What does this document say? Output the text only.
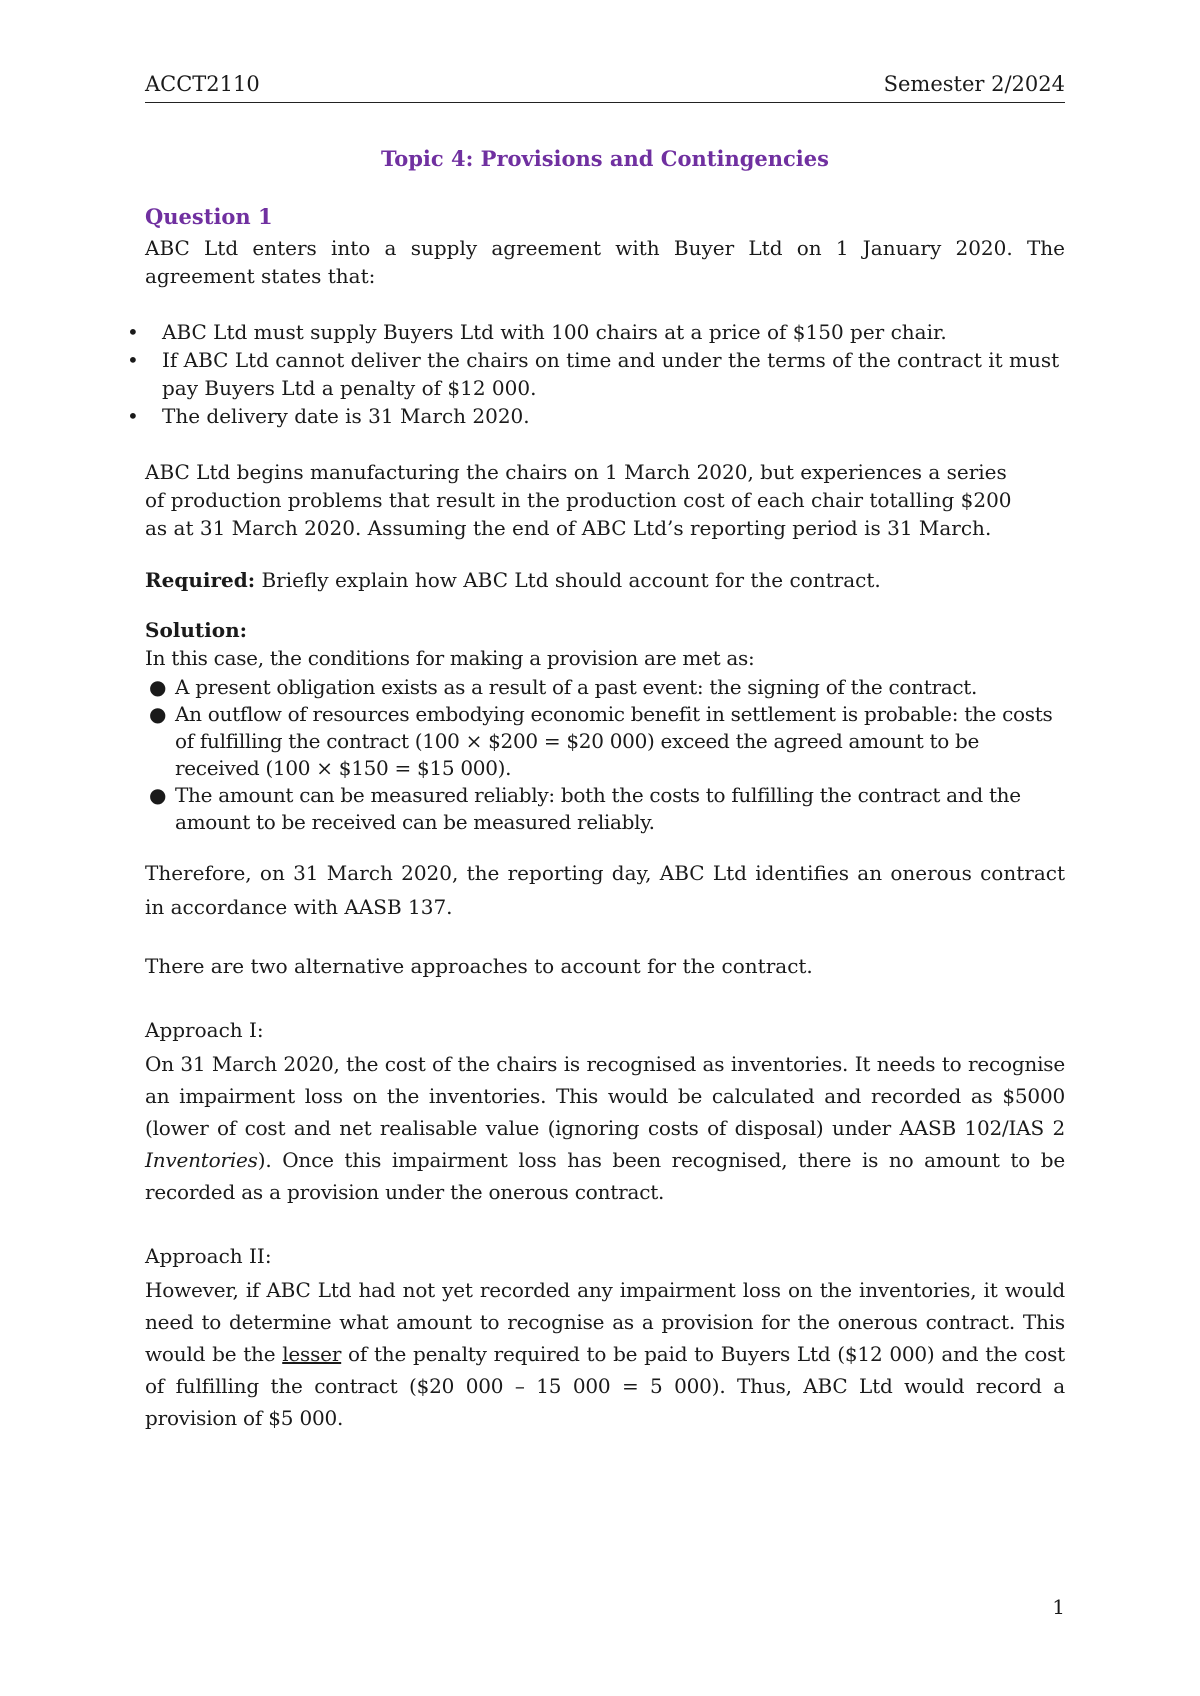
ACCT2110	Semester 2/2024
Topic 4: Provisions and Contingencies
Question 1
ABC Ltd enters into a supply agreement with Buyer Ltd on 1 January 2020. The agreement states that:
• ABC Ltd must supply Buyers Ltd with 100 chairs at a price of $150 per chair.
• If ABC Ltd cannot deliver the chairs on time and under the terms of the contract it must pay Buyers Ltd a penalty of $12 000.
• The delivery date is 31 March 2020.
ABC Ltd begins manufacturing the chairs on 1 March 2020, but experiences a series of production problems that result in the production cost of each chair totalling $200 as at 31 March 2020. Assuming the end of ABC Ltd’s reporting period is 31 March.
Required: Briefly explain how ABC Ltd should account for the contract.
Solution:
In this case, the conditions for making a provision are met as:
● A present obligation exists as a result of a past event: the signing of the contract.
● An outflow of resources embodying economic benefit in settlement is probable: the costs of fulfilling the contract (100 × $200 = $20 000) exceed the agreed amount to be received (100 × $150 = $15 000).
● The amount can be measured reliably: both the costs to fulfilling the contract and the amount to be received can be measured reliably.
Therefore, on 31 March 2020, the reporting day, ABC Ltd identifies an onerous contract in accordance with AASB 137.
There are two alternative approaches to account for the contract.
Approach I:
On 31 March 2020, the cost of the chairs is recognised as inventories. It needs to recognise an impairment loss on the inventories. This would be calculated and recorded as $5000 (lower of cost and net realisable value (ignoring costs of disposal) under AASB 102/IAS 2 Inventories). Once this impairment loss has been recognised, there is no amount to be recorded as a provision under the onerous contract.
Approach II:
However, if ABC Ltd had not yet recorded any impairment loss on the inventories, it would need to determine what amount to recognise as a provision for the onerous contract. This would be the lesser of the penalty required to be paid to Buyers Ltd ($12 000) and the cost of fulfilling the contract ($20 000 – 15 000 = 5 000). Thus, ABC Ltd would record a provision of $5 000.
1
